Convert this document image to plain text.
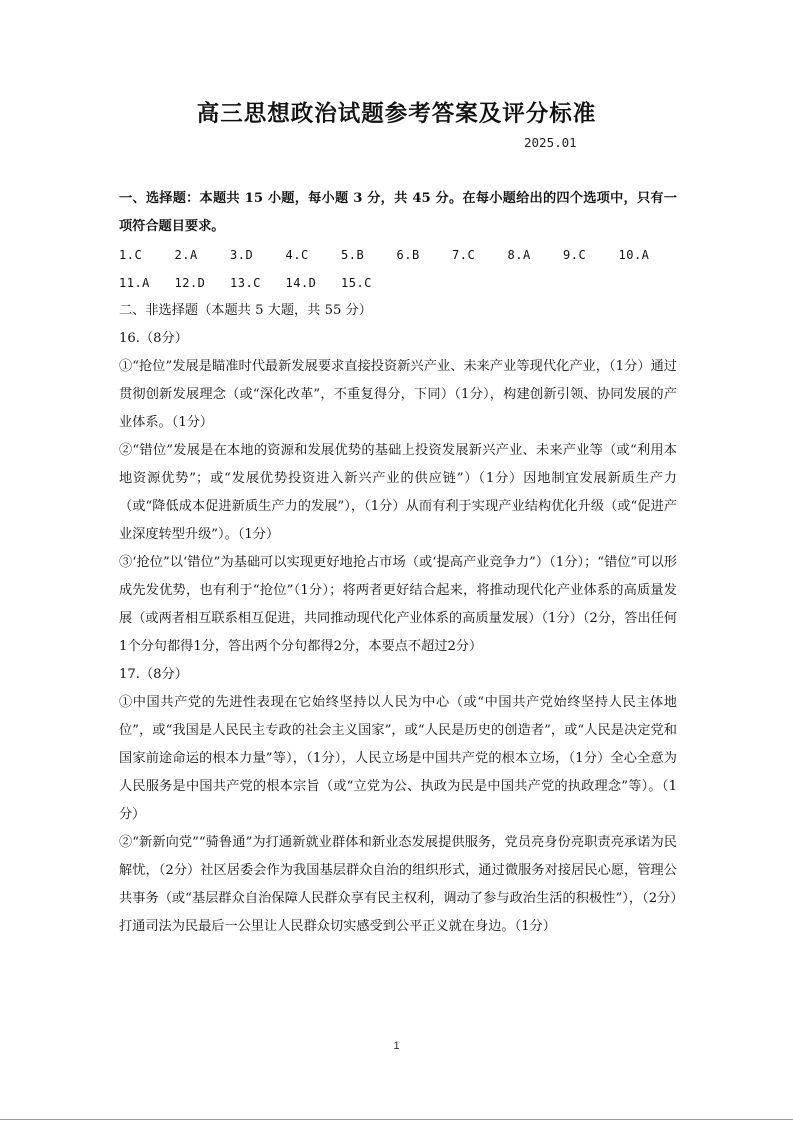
高三思想政治试题参考答案及评分标准
2025.01

一、选择题：本题共 15 小题，每小题 3 分，共 45 分。在每小题给出的四个选项中，只有一项符合题目要求。

1.C	2.A	3.D	4.C	5.B	6.B	7.C	8.A	9.C	10.A
11.A	12.D	13.C	14.D	15.C

二、非选择题（本题共 5 大题，共 55 分）

16.（8分）

①“抢位”发展是瞄准时代最新发展要求直接投资新兴产业、未来产业等现代化产业，（1分）通过贯彻创新发展理念（或“深化改革”，不重复得分，下同）（1分），构建创新引领、协同发展的产业体系。（1分）

②“错位”发展是在本地的资源和发展优势的基础上投资发展新兴产业、未来产业等（或“利用本地资源优势”；或“发展优势投资进入新兴产业的供应链”）（1分）因地制宜发展新质生产力（或“降低成本促进新质生产力的发展”），（1分）从而有利于实现产业结构优化升级（或“促进产业深度转型升级”）。（1分）

③‘抢位”以‘错位”为基础可以实现更好地抢占市场（或‘提高产业竞争力”）（1分）；“错位”可以形成先发优势，也有利于“抢位”（1分）；将两者更好结合起来，将推动现代化产业体系的高质量发展（或两者相互联系相互促进，共同推动现代化产业体系的高质量发展）（1分）（2分，答出任何1个分句都得1分，答出两个分句都得2分，本要点不超过2分）

17.（8分）

①中国共产党的先进性表现在它始终坚持以人民为中心（或“中国共产党始终坚持人民主体地位”，或“我国是人民民主专政的社会主义国家”，或“人民是历史的创造者”，或“人民是决定党和国家前途命运的根本力量”等），（1分），人民立场是中国共产党的根本立场，（1分）全心全意为人民服务是中国共产党的根本宗旨（或“立党为公、执政为民是中国共产党的执政理念”等）。（1分）

②“新新向党”“骑鲁通”为打通新就业群体和新业态发展提供服务，党员亮身份亮职责亮承诺为民解忧，（2分）社区居委会作为我国基层群众自治的组织形式，通过微服务对接居民心愿，管理公共事务（或“基层群众自治保障人民群众享有民主权利，调动了参与政治生活的积极性”），（2分）打通司法为民最后一公里让人民群众切实感受到公平正义就在身边。（1分）

1
